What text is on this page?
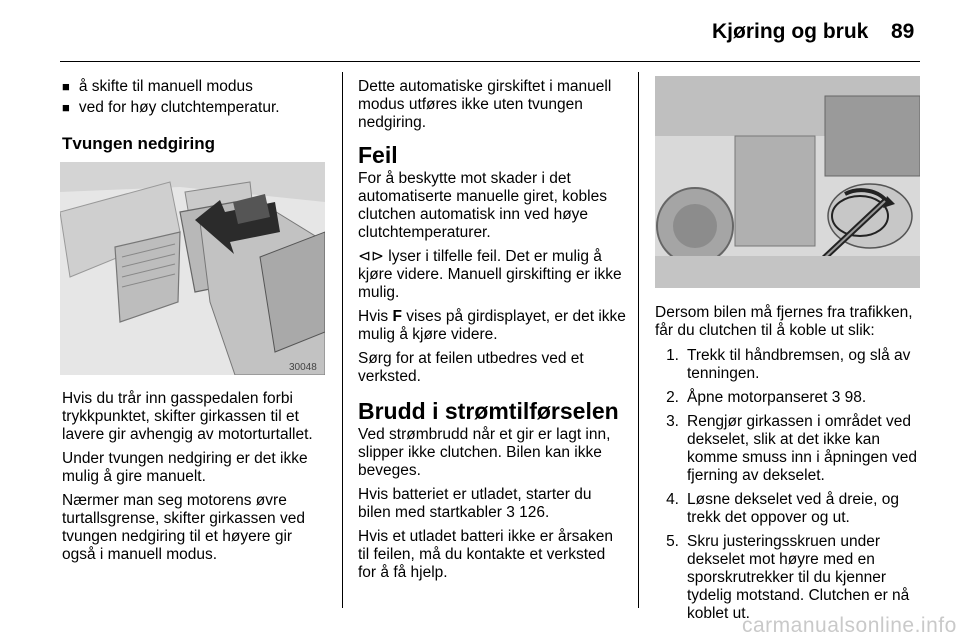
Kjøring og bruk 89
■ å skifte til manuell modus
■ ved for høy clutchtemperatur.
Tvungen nedgiring
30048

Hvis du trår inn gasspedalen forbi trykkpunktet, skifter girkassen til et lavere gir avhengig av motorturtallet.

Under tvungen nedgiring er det ikke mulig å gire manuelt.

Nærmer man seg motorens øvre turtallsgrense, skifter girkassen ved tvungen nedgiring til et høyere gir også i manuell modus.

Dette automatiske girskiftet i manuell modus utføres ikke uten tvungen nedgiring.

Feil

For å beskytte mot skader i det automatiserte manuelle giret, kobles clutchen automatisk inn ved høye clutchtemperaturer.

⊲⊳ lyser i tilfelle feil. Det er mulig å kjøre videre. Manuell girskifting er ikke mulig.

Hvis F vises på girdisplayet, er det ikke mulig å kjøre videre.

Sørg for at feilen utbedres ved et verksted.

Brudd i strømtilførselen

Ved strømbrudd når et gir er lagt inn, slipper ikke clutchen. Bilen kan ikke beveges.

Hvis batteriet er utladet, starter du bilen med startkabler 3 126.

Hvis et utladet batteri ikke er årsaken til feilen, må du kontakte et verksted for å få hjelp.

Dersom bilen må fjernes fra trafikken, får du clutchen til å koble ut slik:

1. Trekk til håndbremsen, og slå av tenningen.
2. Åpne motorpanseret 3 98.
3. Rengjør girkassen i området ved dekselet, slik at det ikke kan komme smuss inn i åpningen ved fjerning av dekselet.
4. Løsne dekselet ved å dreie, og trekk det oppover og ut.
5. Skru justeringsskruen under dekselet mot høyre med en sporskrutrekker til du kjenner tydelig motstand. Clutchen er nå koblet ut.
carmanualsonline.info
